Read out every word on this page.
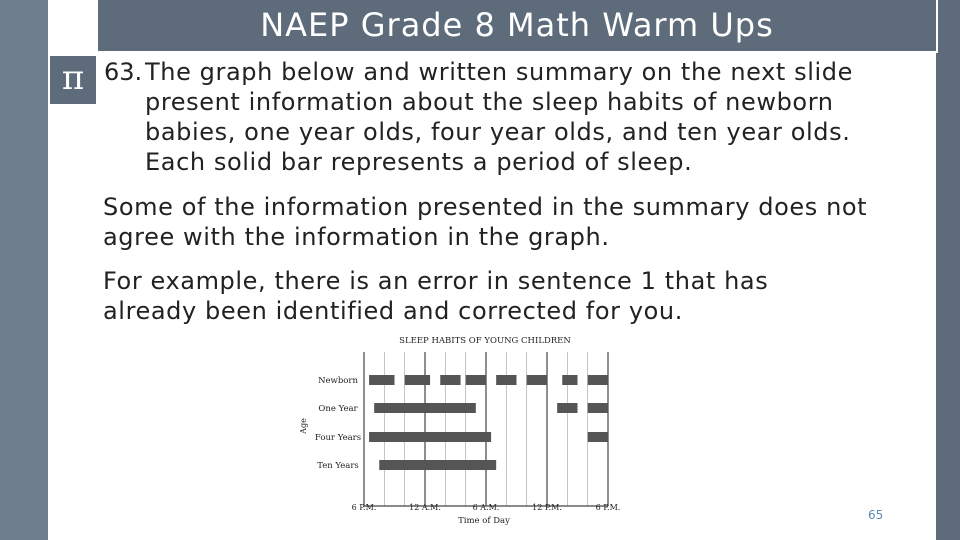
NAEP Grade 8 Math Warm Ups
π 63. The graph below and written summary on the next slide
present information about the sleep habits of newborn
babies, one year olds, four year olds, and ten year olds.
Each solid bar represents a period of sleep.
Some of the information presented in the summary does not
agree with the information in the graph.
For example, there is an error in sentence 1 that has
already been identified and corrected for you.
SLEEP HABITS OF YOUNG CHILDREN
Newborn
One Year
Four Years
Ten Years
6 P.M.	12 A.M.	6 A.M.	12 P.M.	6 P.M.
Age
Time of Day	65
